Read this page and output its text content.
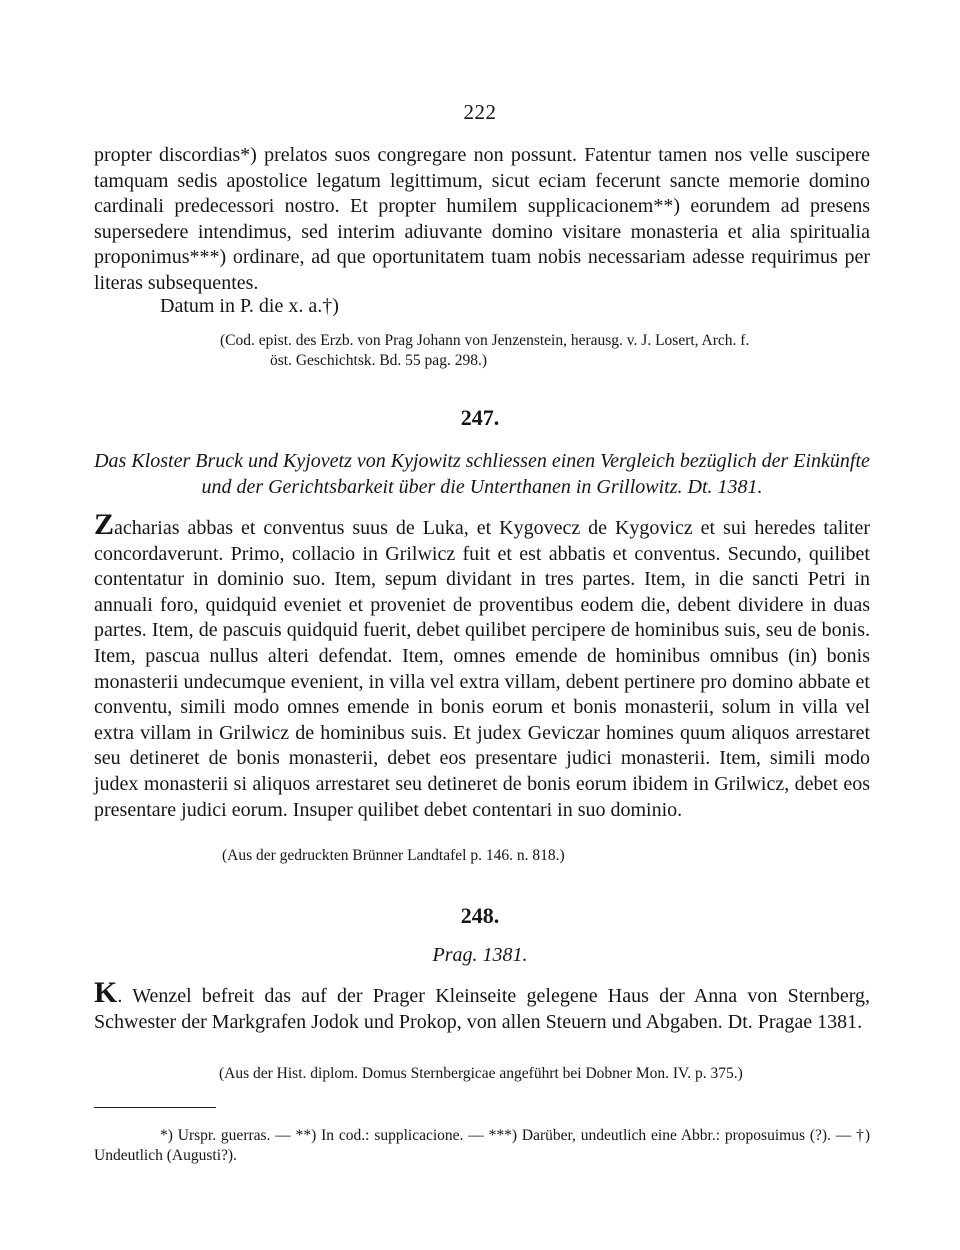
222

propter discordias*) prelatos suos congregare non possunt. Fatentur tamen nos velle suscipere tamquam sedis apostolice legatum legittimum, sicut eciam fecerunt sancte memorie domino cardinali predecessori nostro. Et propter humilem supplicacionem**) eorundem ad presens supersedere intendimus, sed interim adiuvante domino visitare monasteria et alia spiritualia proponimus***) ordinare, ad que oportunitatem tuam nobis necessariam adesse requirimus per literas subsequentes.

Datum in P. die x. a.†)
(Cod. epist. des Erzb. von Prag Johann von Jenzenstein, herausg. v. J. Losert, Arch. f.
öst. Geschichtsk. Bd. 55 pag. 298.)
247.
Das Kloster Bruck und Kyjovetz von Kyjowitz schliessen einen Vergleich bezüglich der Einkünfte und der Gerichtsbarkeit über die Unterthanen in Grillowitz. Dt. 1381.

Zacharias abbas et conventus suus de Luka, et Kygovecz de Kygovicz et sui heredes taliter concordaverunt. Primo, collacio in Grilwicz fuit et est abbatis et conventus. Secundo, quilibet contentatur in dominio suo. Item, sepum dividant in tres partes. Item, in die sancti Petri in annuali foro, quidquid eveniet et proveniet de proventibus eodem die, debent dividere in duas partes. Item, de pascuis quidquid fuerit, debet quilibet percipere de hominibus suis, seu de bonis. Item, pascua nullus alteri defendat. Item, omnes emende de hominibus omnibus (in) bonis monasterii undecumque evenient, in villa vel extra villam, debent pertinere pro domino abbate et conventu, simili modo omnes emende in bonis eorum et bonis monasterii, solum in villa vel extra villam in Grilwicz de hominibus suis. Et judex Geviczar homines quum aliquos arrestaret seu detineret de bonis monasterii, debet eos presentare judici monasterii. Item, simili modo judex monasterii si aliquos arrestaret seu detineret de bonis eorum ibidem in Grilwicz, debet eos presentare judici eorum. Insuper quilibet debet contentari in suo dominio.

(Aus der gedruckten Brünner Landtafel p. 146. n. 818.)
248.
Prag. 1381.

K. Wenzel befreit das auf der Prager Kleinseite gelegene Haus der Anna von Sternberg, Schwester der Markgrafen Jodok und Prokop, von allen Steuern und Abgaben. Dt. Pragae 1381.

(Aus der Hist. diplom. Domus Sternbergicae angeführt bei Dobner Mon. IV. p. 375.)

*) Urspr. guerras. — **) In cod.: supplicacione. — ***) Darüber, undeutlich eine Abbr.: proposuimus (?). — †) Undeutlich (Augusti?).
